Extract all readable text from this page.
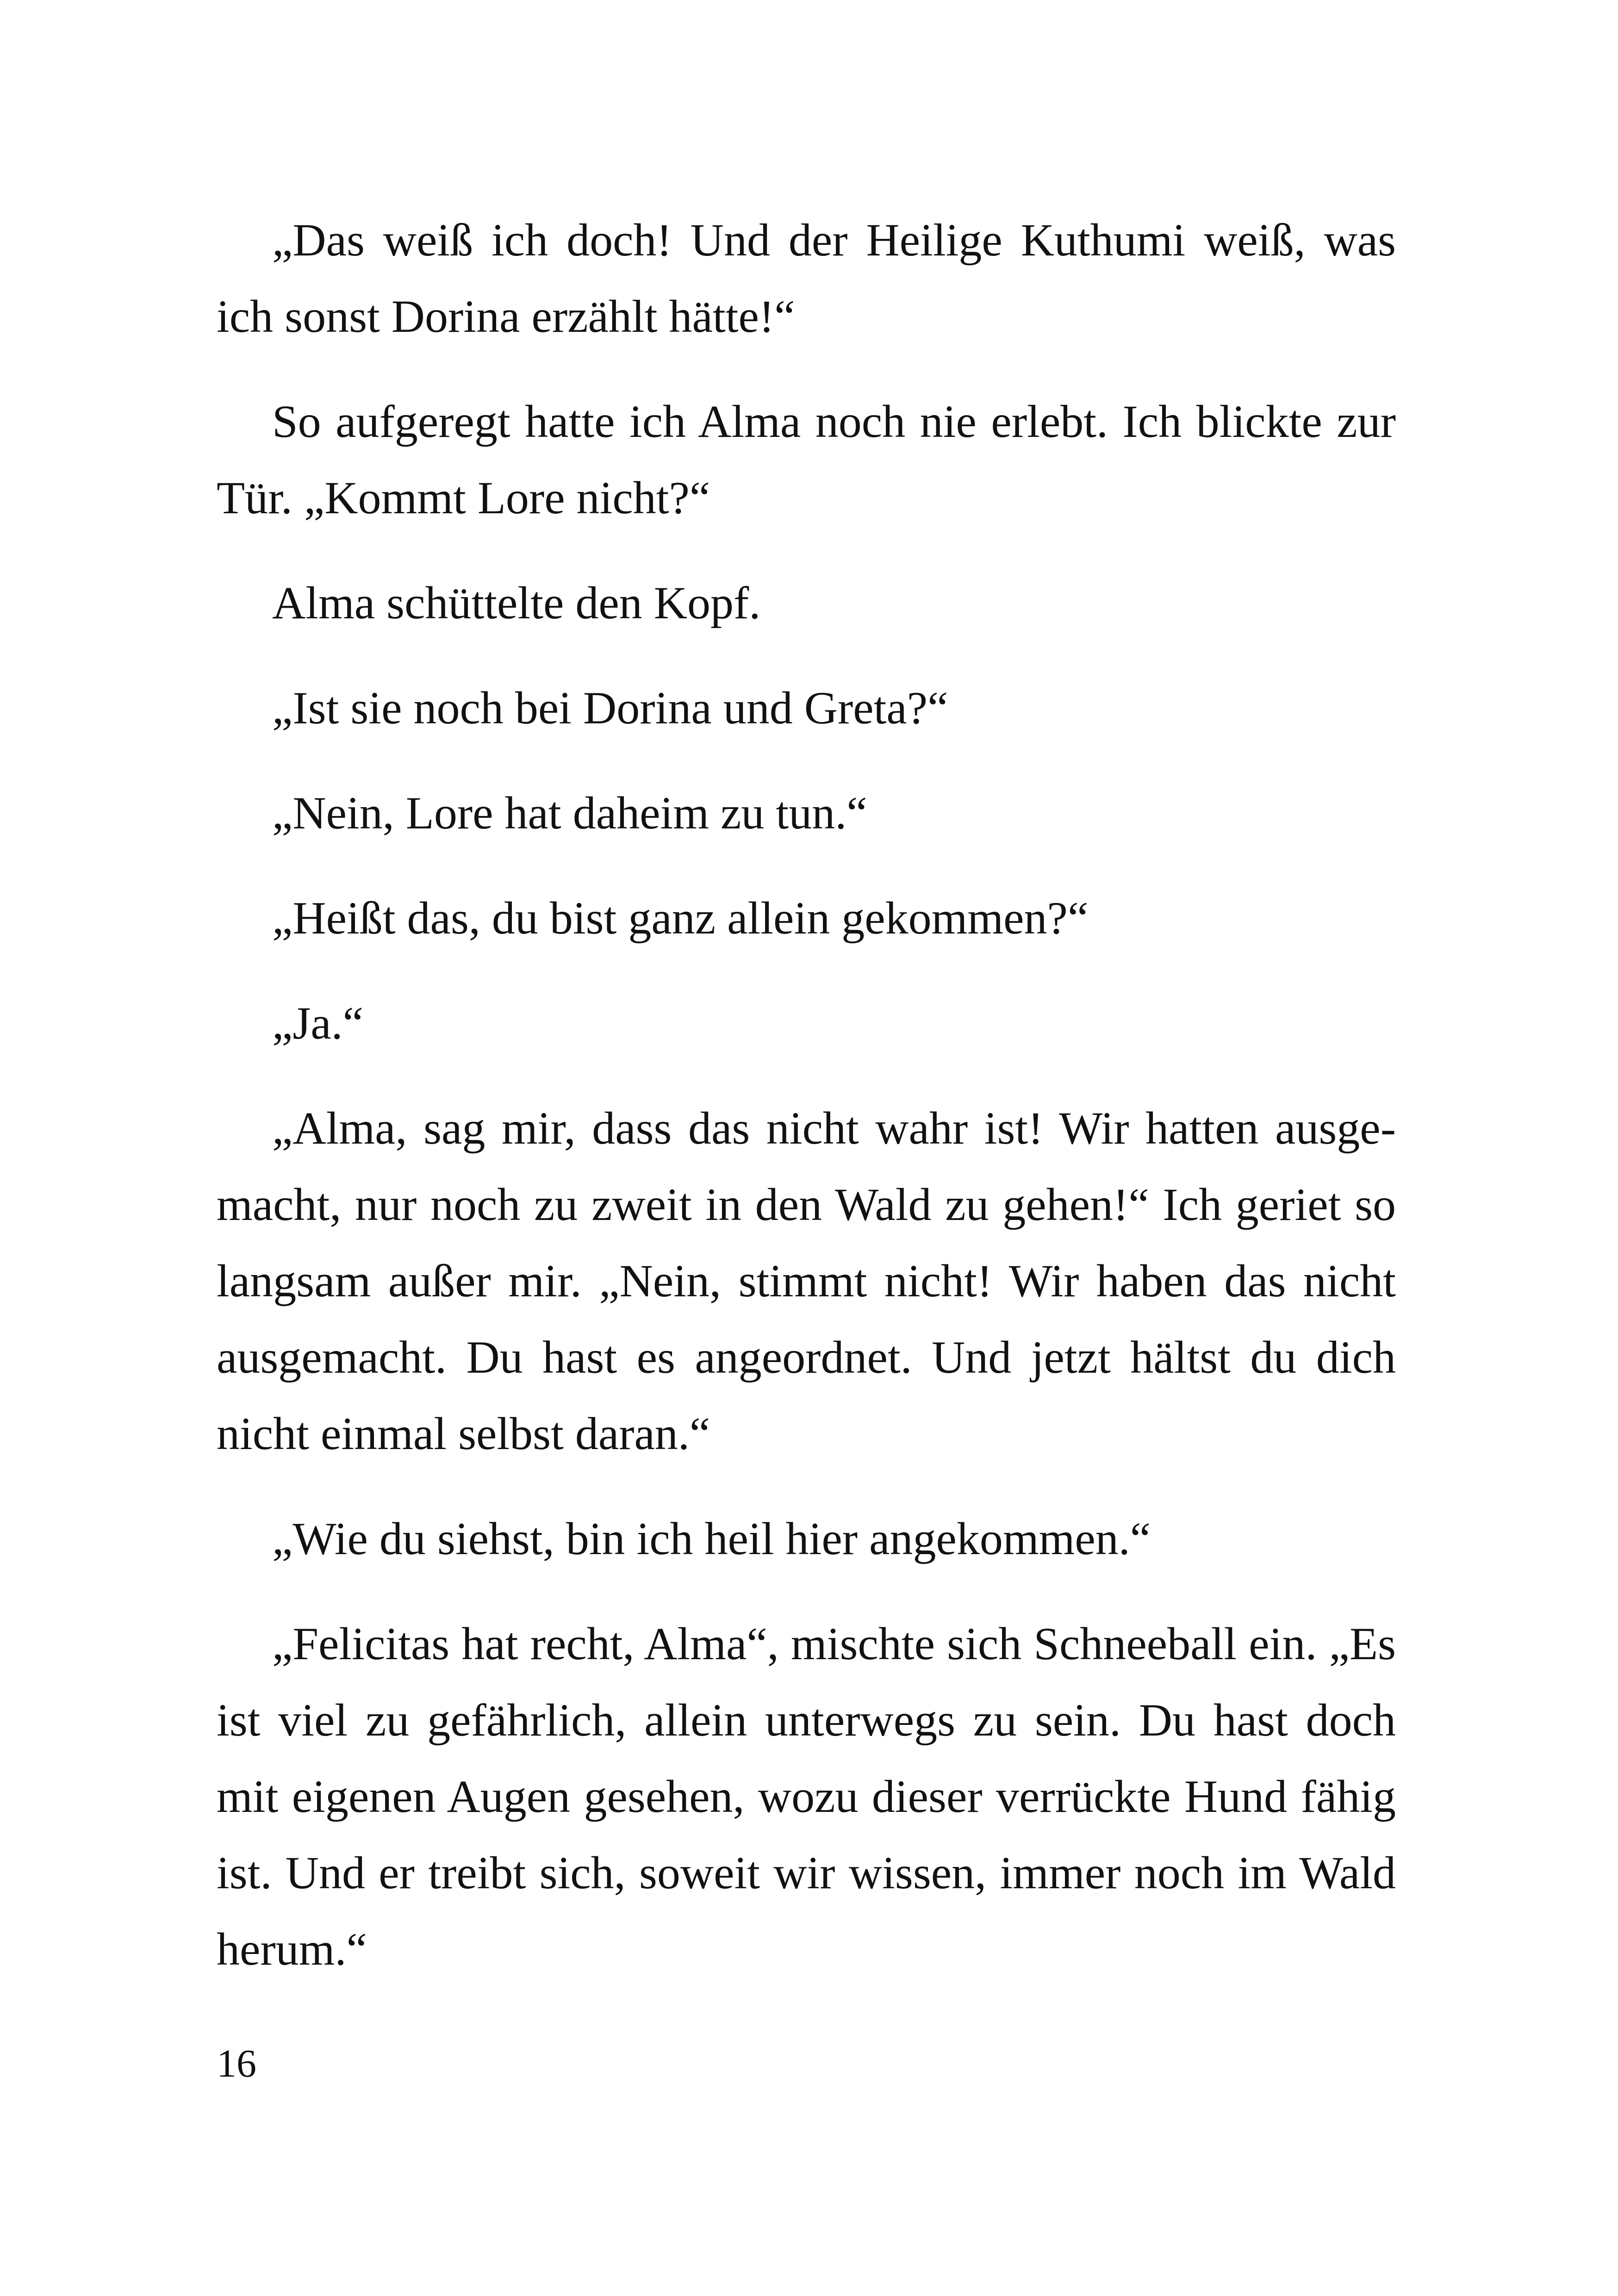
„Das weiß ich doch! Und der Heilige Kuthumi weiß, was ich sonst Dorina erzählt hätte!“

So aufgeregt hatte ich Alma noch nie erlebt. Ich blickte zur Tür. „Kommt Lore nicht?“

Alma schüttelte den Kopf.

„Ist sie noch bei Dorina und Greta?“

„Nein, Lore hat daheim zu tun.“

„Heißt das, du bist ganz allein gekommen?“

„Ja.“

„Alma, sag mir, dass das nicht wahr ist! Wir hatten ausgemacht, nur noch zu zweit in den Wald zu gehen!“ Ich geriet so langsam außer mir. „Nein, stimmt nicht! Wir haben das nicht ausgemacht. Du hast es angeordnet. Und jetzt hältst du dich nicht einmal selbst daran.“

„Wie du siehst, bin ich heil hier angekommen.“

„Felicitas hat recht, Alma“, mischte sich Schneeball ein. „Es ist viel zu gefährlich, allein unterwegs zu sein. Du hast doch mit eigenen Augen gesehen, wozu dieser verrückte Hund fähig ist. Und er treibt sich, soweit wir wissen, immer noch im Wald herum.“

16
